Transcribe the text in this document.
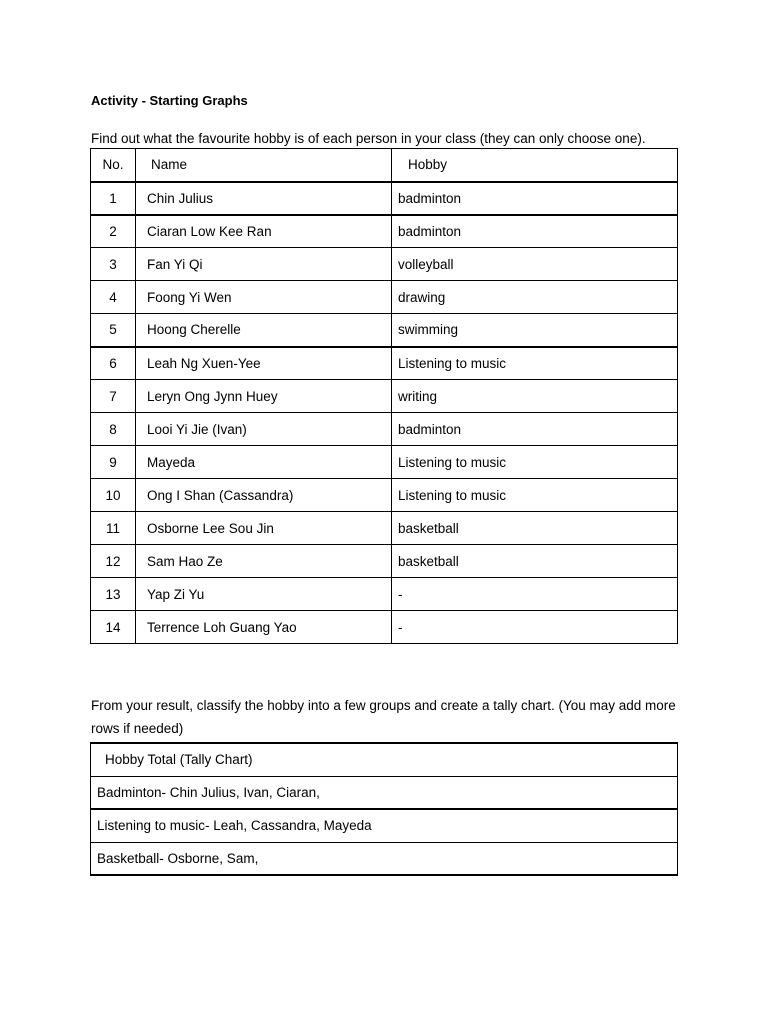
Activity - Starting Graphs
Find out what the favourite hobby is of each person in your class (they can only choose one).
No.	Name	Hobby
1	Chin Julius	badminton
2	Ciaran Low Kee Ran	badminton
3	Fan Yi Qi	volleyball
4	Foong Yi Wen	drawing
5	Hoong Cherelle	swimming
6	Leah Ng Xuen-Yee	Listening to music
7	Leryn Ong Jynn Huey	writing
8	Looi Yi Jie (Ivan)	badminton
9	Mayeda	Listening to music
10	Ong I Shan (Cassandra)	Listening to music
11	Osborne Lee Sou Jin	basketball
12	Sam Hao Ze	basketball
13	Yap Zi Yu	-
14	Terrence Loh Guang Yao	-
From your result, classify the hobby into a few groups and create a tally chart. (You may add more rows if needed)
Hobby Total (Tally Chart)
Badminton- Chin Julius, Ivan, Ciaran,
Listening to music- Leah, Cassandra, Mayeda
Basketball- Osborne, Sam,
